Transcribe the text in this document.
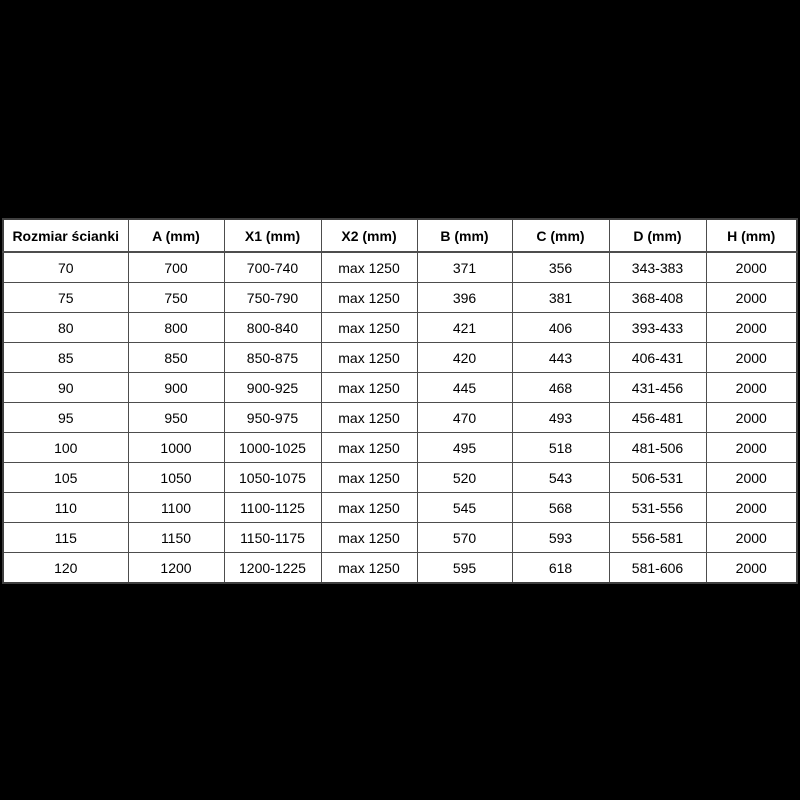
Rozmiar ścianki	A (mm)	X1 (mm)	X2 (mm)	B (mm)	C (mm)	D (mm)	H (mm)
70	700	700-740	max 1250	371	356	343-383	2000
75	750	750-790	max 1250	396	381	368-408	2000
80	800	800-840	max 1250	421	406	393-433	2000
85	850	850-875	max 1250	420	443	406-431	2000
90	900	900-925	max 1250	445	468	431-456	2000
95	950	950-975	max 1250	470	493	456-481	2000
100	1000	1000-1025	max 1250	495	518	481-506	2000
105	1050	1050-1075	max 1250	520	543	506-531	2000
110	1100	1100-1125	max 1250	545	568	531-556	2000
115	1150	1150-1175	max 1250	570	593	556-581	2000
120	1200	1200-1225	max 1250	595	618	581-606	2000
